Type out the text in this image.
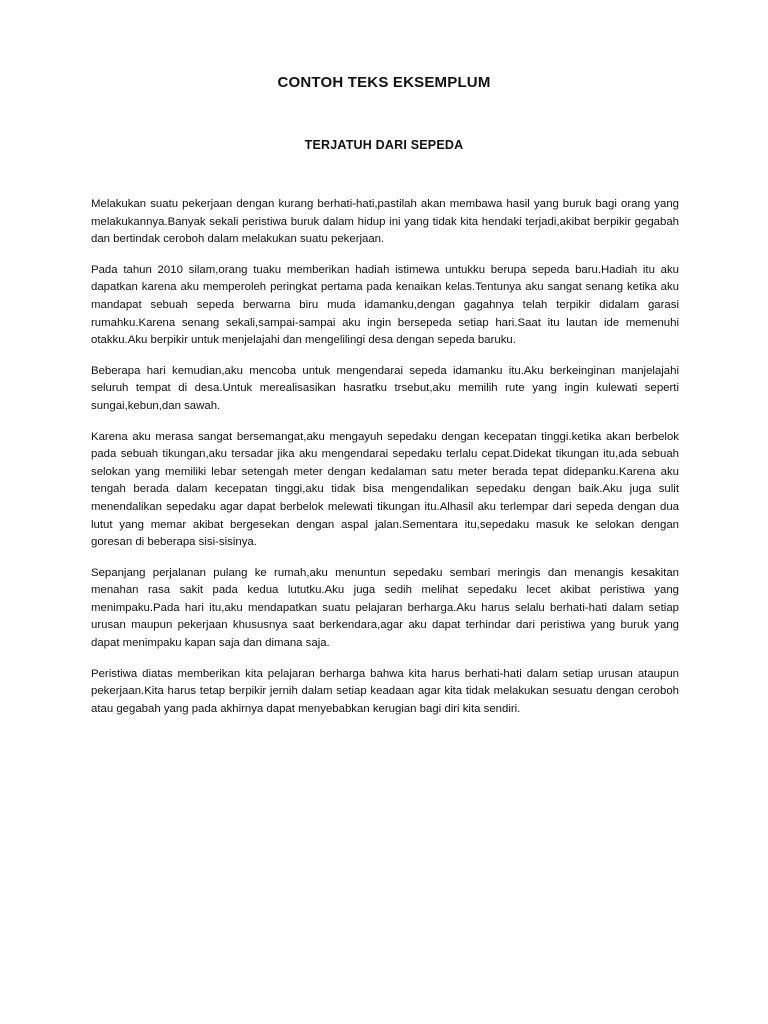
CONTOH TEKS EKSEMPLUM
TERJATUH DARI SEPEDA

Melakukan suatu pekerjaan dengan kurang berhati-hati,pastilah akan membawa hasil yang buruk bagi orang yang melakukannya.Banyak sekali peristiwa buruk dalam hidup ini yang tidak kita hendaki terjadi,akibat berpikir gegabah dan bertindak ceroboh dalam melakukan suatu pekerjaan.

Pada tahun 2010 silam,orang tuaku memberikan hadiah istimewa untukku berupa sepeda baru.Hadiah itu aku dapatkan karena aku memperoleh peringkat pertama pada kenaikan kelas.Tentunya aku sangat senang ketika aku mandapat sebuah sepeda berwarna biru muda idamanku,dengan gagahnya telah terpikir didalam garasi rumahku.Karena senang sekali,sampai-sampai aku ingin bersepeda setiap hari.Saat itu lautan ide memenuhi otakku.Aku berpikir untuk menjelajahi dan mengelilingi desa dengan sepeda baruku.

Beberapa hari kemudian,aku mencoba untuk mengendarai sepeda idamanku itu.Aku berkeinginan manjelajahi seluruh tempat di desa.Untuk merealisasikan hasratku trsebut,aku memilih rute yang ingin kulewati seperti sungai,kebun,dan sawah.

Karena aku merasa sangat bersemangat,aku mengayuh sepedaku dengan kecepatan tinggi.ketika akan berbelok pada sebuah tikungan,aku tersadar jika aku mengendarai sepedaku terlalu cepat.Didekat tikungan itu,ada sebuah selokan yang memiliki lebar setengah meter dengan kedalaman satu meter berada tepat didepanku.Karena aku tengah berada dalam kecepatan tinggi,aku tidak bisa mengendalikan sepedaku dengan baik.Aku juga sulit menendalikan sepedaku agar dapat berbelok melewati tikungan itu.Alhasil aku terlempar dari sepeda dengan dua lutut yang memar akibat bergesekan dengan aspal jalan.Sementara itu,sepedaku masuk ke selokan dengan goresan di beberapa sisi-sisinya.

Sepanjang perjalanan pulang ke rumah,aku menuntun sepedaku sembari meringis dan menangis kesakitan menahan rasa sakit pada kedua lututku.Aku juga sedih melihat sepedaku lecet akibat peristiwa yang menimpaku.Pada hari itu,aku mendapatkan suatu pelajaran berharga.Aku harus selalu berhati-hati dalam setiap urusan maupun pekerjaan khususnya saat berkendara,agar aku dapat terhindar dari peristiwa yang buruk yang dapat menimpaku kapan saja dan dimana saja.

Peristiwa diatas memberikan kita pelajaran berharga bahwa kita harus berhati-hati dalam setiap urusan ataupun pekerjaan.Kita harus tetap berpikir jernih dalam setiap keadaan agar kita tidak melakukan sesuatu dengan ceroboh atau gegabah yang pada akhirnya dapat menyebabkan kerugian bagi diri kita sendiri.
